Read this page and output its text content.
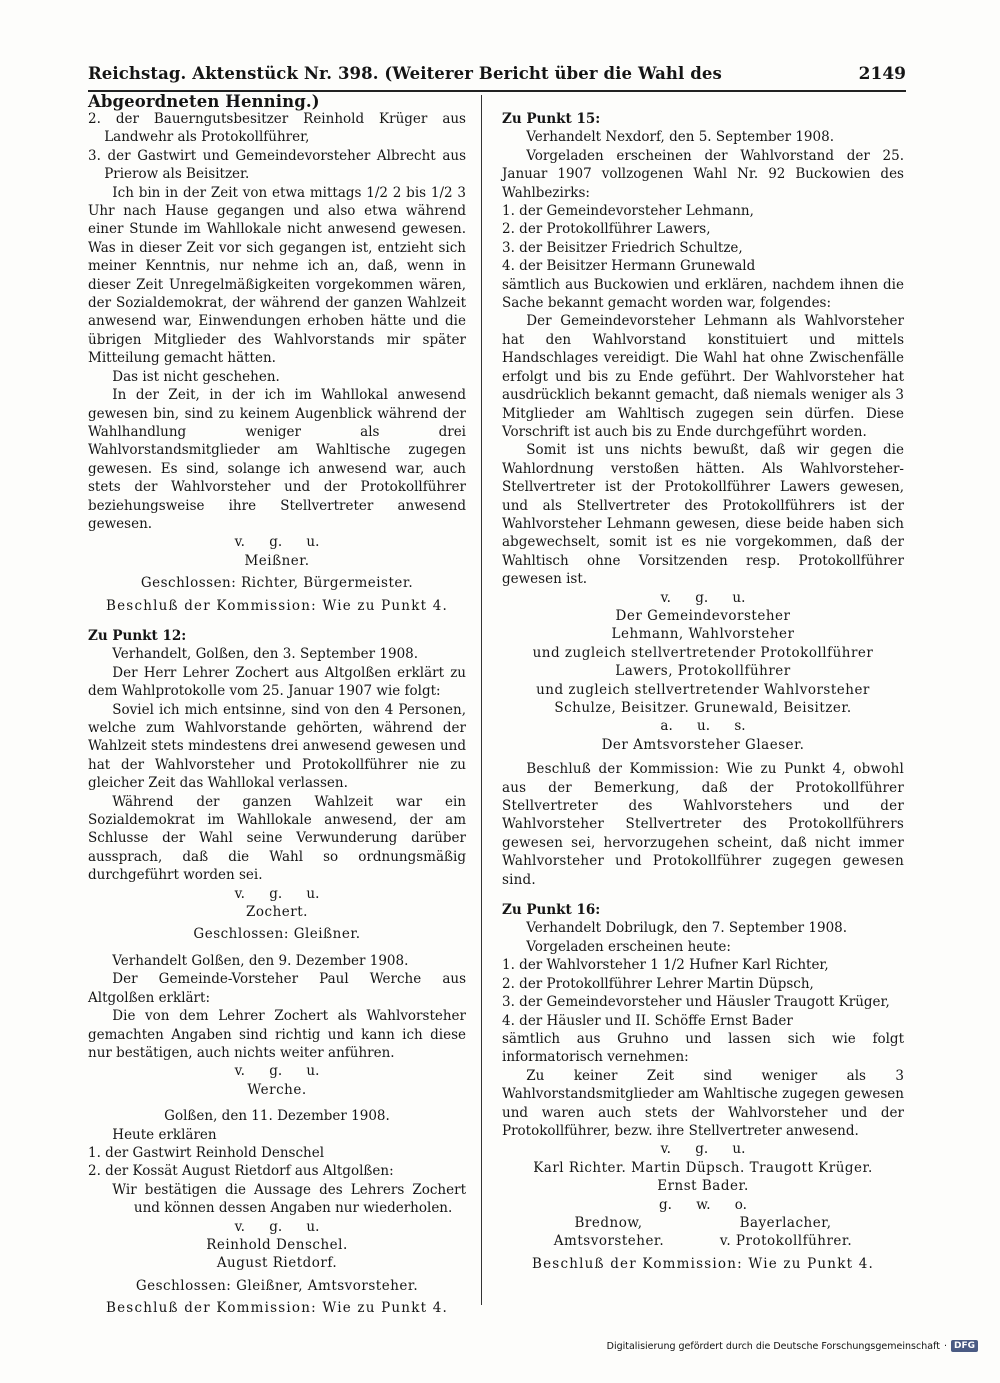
Reichstag. Aktenstück Nr. 398. (Weiterer Bericht über die Wahl des Abgeordneten Henning.)
2149

2. der Bauerngutsbesitzer Reinhold Krüger aus Landwehr als Protokollführer,

3. der Gastwirt und Gemeindevorsteher Albrecht aus Prierow als Beisitzer.

Ich bin in der Zeit von etwa mittags 1/2 2 bis 1/2 3 Uhr nach Hause gegangen und also etwa während einer Stunde im Wahllokale nicht anwesend gewesen. Was in dieser Zeit vor sich gegangen ist, entzieht sich meiner Kenntnis, nur nehme ich an, daß, wenn in dieser Zeit Unregelmäßigkeiten vorgekommen wären, der Sozialdemokrat, der während der ganzen Wahlzeit anwesend war, Einwendungen erhoben hätte und die übrigen Mitglieder des Wahlvorstands mir später Mitteilung gemacht hätten.

Das ist nicht geschehen.

In der Zeit, in der ich im Wahllokal anwesend gewesen bin, sind zu keinem Augenblick während der Wahlhandlung weniger als drei Wahlvorstandsmitglieder am Wahltische zugegen gewesen. Es sind, solange ich anwesend war, auch stets der Wahlvorsteher und der Protokollführer beziehungsweise ihre Stellvertreter anwesend gewesen.

v. g. u.

Meißner.

Geschlossen: Richter, Bürgermeister.

Beschluß der Kommission: Wie zu Punkt 4.

Zu Punkt 12:

Verhandelt, Golßen, den 3. September 1908.

Der Herr Lehrer Zochert aus Altgolßen erklärt zu dem Wahlprotokolle vom 25. Januar 1907 wie folgt:

Soviel ich mich entsinne, sind von den 4 Personen, welche zum Wahlvorstande gehörten, während der Wahlzeit stets mindestens drei anwesend gewesen und hat der Wahlvorsteher und Protokollführer nie zu gleicher Zeit das Wahllokal verlassen.

Während der ganzen Wahlzeit war ein Sozialdemokrat im Wahllokale anwesend, der am Schlusse der Wahl seine Verwunderung darüber aussprach, daß die Wahl so ordnungsmäßig durchgeführt worden sei.

v. g. u.

Zochert.

Geschlossen: Gleißner.

Verhandelt Golßen, den 9. Dezember 1908.

Der Gemeinde-Vorsteher Paul Werche aus Altgolßen erklärt:

Die von dem Lehrer Zochert als Wahlvorsteher gemachten Angaben sind richtig und kann ich diese nur bestätigen, auch nichts weiter anführen.

v. g. u.

Werche.

Golßen, den 11. Dezember 1908.

Heute erklären

1. der Gastwirt Reinhold Denschel

2. der Kossät August Rietdorf aus Altgolßen:

Wir bestätigen die Aussage des Lehrers Zochert und können dessen Angaben nur wiederholen.

v. g. u.

Reinhold Denschel.

August Rietdorf.

Geschlossen: Gleißner, Amtsvorsteher.

Beschluß der Kommission: Wie zu Punkt 4.

Zu Punkt 15:

Verhandelt Nexdorf, den 5. September 1908.

Vorgeladen erscheinen der Wahlvorstand der 25. Januar 1907 vollzogenen Wahl Nr. 92 Buckowien des Wahlbezirks:

1. der Gemeindevorsteher Lehmann,

2. der Protokollführer Lawers,

3. der Beisitzer Friedrich Schultze,

4. der Beisitzer Hermann Grunewald

sämtlich aus Buckowien und erklären, nachdem ihnen die Sache bekannt gemacht worden war, folgendes:

Der Gemeindevorsteher Lehmann als Wahlvorsteher hat den Wahlvorstand konstituiert und mittels Handschlages vereidigt. Die Wahl hat ohne Zwischenfälle erfolgt und bis zu Ende geführt. Der Wahlvorsteher hat ausdrücklich bekannt gemacht, daß niemals weniger als 3 Mitglieder am Wahltisch zugegen sein dürfen. Diese Vorschrift ist auch bis zu Ende durchgeführt worden.

Somit ist uns nichts bewußt, daß wir gegen die Wahlordnung verstoßen hätten. Als Wahlvorsteher-Stellvertreter ist der Protokollführer Lawers gewesen, und als Stellvertreter des Protokollführers ist der Wahlvorsteher Lehmann gewesen, diese beide haben sich abgewechselt, somit ist es nie vorgekommen, daß der Wahltisch ohne Vorsitzenden resp. Protokollführer gewesen ist.

v. g. u.

Der Gemeindevorsteher

Lehmann, Wahlvorsteher

und zugleich stellvertretender Protokollführer

Lawers, Protokollführer

und zugleich stellvertretender Wahlvorsteher

Schulze, Beisitzer. Grunewald, Beisitzer.

a. u. s.

Der Amtsvorsteher Glaeser.

Beschluß der Kommission: Wie zu Punkt 4, obwohl aus der Bemerkung, daß der Protokollführer Stellvertreter des Wahlvorstehers und der Wahlvorsteher Stellvertreter des Protokollführers gewesen sei, hervorzugehen scheint, daß nicht immer Wahlvorsteher und Protokollführer zugegen gewesen sind.

Zu Punkt 16:

Verhandelt Dobrilugk, den 7. September 1908.

Vorgeladen erscheinen heute:

1. der Wahlvorsteher 1 1/2 Hufner Karl Richter,

2. der Protokollführer Lehrer Martin Düpsch,

3. der Gemeindevorsteher und Häusler Traugott Krüger,

4. der Häusler und II. Schöffe Ernst Bader

sämtlich aus Gruhno und lassen sich wie folgt informatorisch vernehmen:

Zu keiner Zeit sind weniger als 3 Wahlvorstandsmitglieder am Wahltische zugegen gewesen und waren auch stets der Wahlvorsteher und der Protokollführer, bezw. ihre Stellvertreter anwesend.

v. g. u.

Karl Richter. Martin Düpsch. Traugott Krüger.

Ernst Bader.

g. w. o.

Brednow,	Bayerlacher,
Amtsvorsteher.	v. Protokollführer.

Beschluß der Kommission: Wie zu Punkt 4.

Digitalisierung gefördert durch die Deutsche Forschungsgemeinschaft · DFG
